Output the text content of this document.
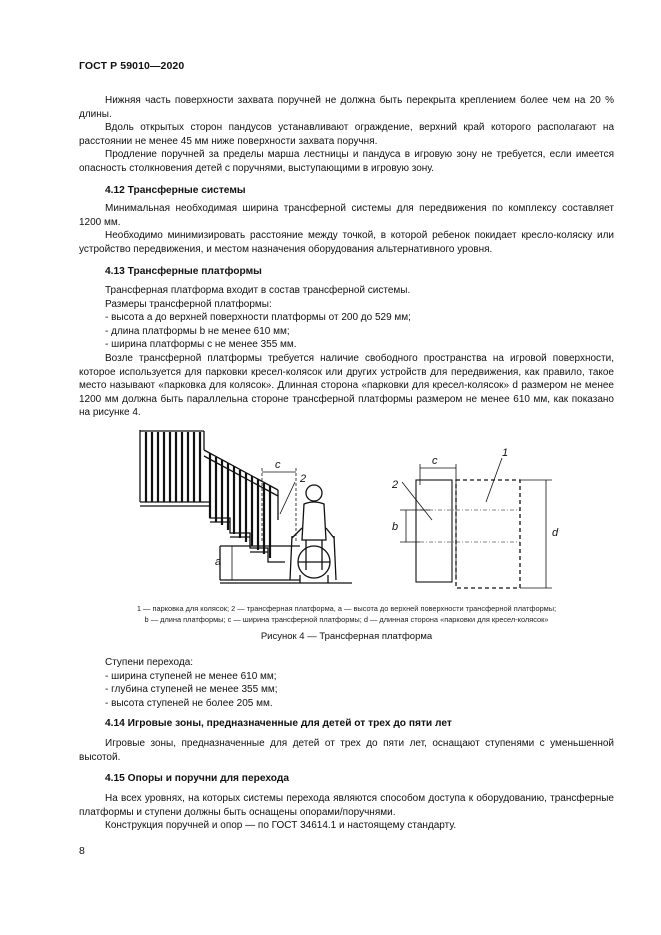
ГОСТ Р 59010—2020

Нижняя часть поверхности захвата поручней не должна быть перекрыта креплением более чем на 20 % длины.

Вдоль открытых сторон пандусов устанавливают ограждение, верхний край которого располагают на расстоянии не менее 45 мм ниже поверхности захвата поручня.

Продление поручней за пределы марша лестницы и пандуса в игровую зону не требуется, если имеется опасность столкновения детей с поручнями, выступающими в игровую зону.

4.12 Трансферные системы

Минимальная необходимая ширина трансферной системы для передвижения по комплексу составляет 1200 мм.

Необходимо минимизировать расстояние между точкой, в которой ребенок покидает кресло-коляску или устройство передвижения, и местом назначения оборудования альтернативного уровня.

4.13 Трансферные платформы

Трансферная платформа входит в состав трансферной системы.

Размеры трансферной платформы:

- высота а до верхней поверхности платформы от 200 до 529 мм;

- длина платформы b не менее 610 мм;

- ширина платформы с не менее 355 мм.

Возле трансферной платформы требуется наличие свободного пространства на игровой поверхности, которое используется для парковки кресел-колясок или других устройств для передвижения, как правило, такое место называют «парковка для колясок». Длинная сторона «парковки для кресел-колясок» d размером не менее 1200 мм должна быть параллельна стороне трансферной платформы размером не менее 610 мм, как показано на рисунке 4.

c
2
a
c
2
1
b	d
1 — парковка для колясок; 2 — трансферная платформа, а — высота до верхней поверхности трансферной платформы;
b — длина платформы; с — ширина трансферной платформы; d — длинная сторона «парковки для кресел-колясок»
Рисунок 4 — Трансферная платформа

Ступени перехода:

- ширина ступеней не менее 610 мм;

- глубина ступеней не менее 355 мм;

- высота ступеней не более 205 мм.

4.14 Игровые зоны, предназначенные для детей от трех до пяти лет

Игровые зоны, предназначенные для детей от трех до пяти лет, оснащают ступенями с уменьшенной высотой.

4.15 Опоры и поручни для перехода

На всех уровнях, на которых системы перехода являются способом доступа к оборудованию, трансферные платформы и ступени должны быть оснащены опорами/поручнями.

Конструкция поручней и опор — по ГОСТ 34614.1 и настоящему стандарту.

8
